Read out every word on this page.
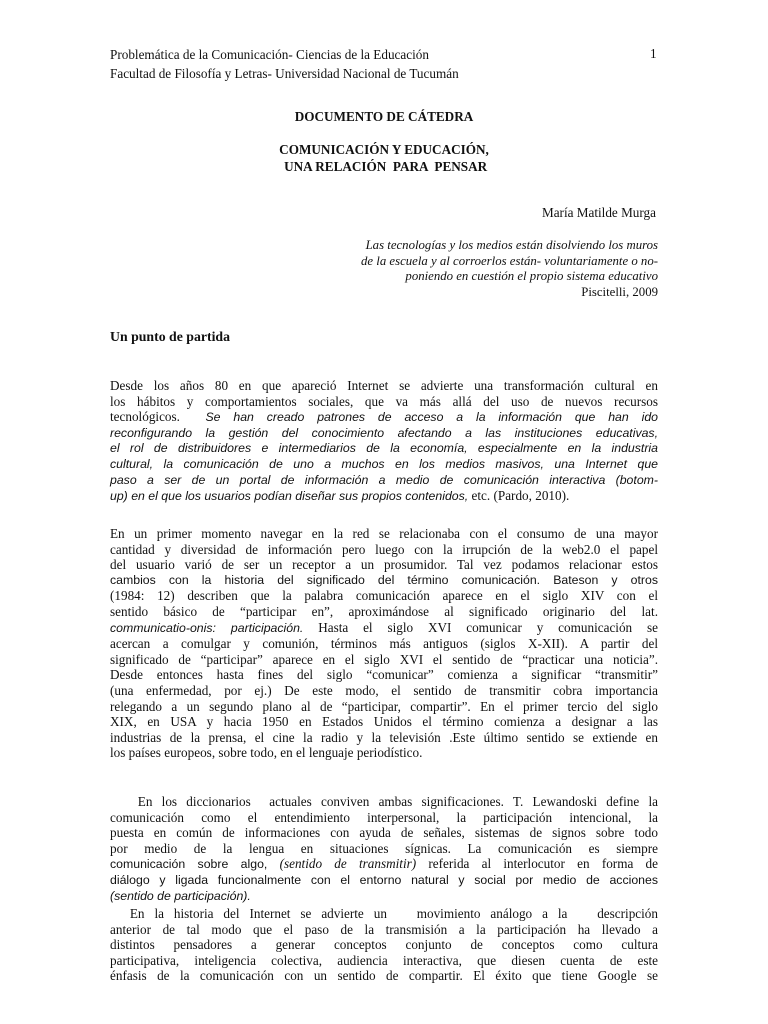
Problemática de la Comunicación- Ciencias de la Educación
Facultad de Filosofía y Letras- Universidad Nacional de Tucumán
1
DOCUMENTO DE CÁTEDRA
COMUNICACIÓN Y EDUCACIÓN,
UNA RELACIÓN  PARA  PENSAR
María Matilde Murga
Las tecnologías y los medios están disolviendo los muros
de la escuela y al corroerlos están- voluntariamente o no-
poniendo en cuestión el propio sistema educativo
Piscitelli, 2009
Un punto de partida
Desde los años 80 en que apareció Internet se advierte una transformación cultural en
los hábitos y comportamientos sociales, que va más allá del uso de nuevos recursos
tecnológicos. Se han creado patrones de acceso a la información que han ido
reconfigurando la gestión del conocimiento afectando a las instituciones educativas,
el rol de distribuidores e intermediarios de la economía, especialmente en la industria
cultural, la comunicación de uno a muchos en los medios masivos, una Internet que
paso a ser de un portal de información a medio de comunicación interactiva (botom-
up) en el que los usuarios podían diseñar sus propios contenidos, etc. (Pardo, 2010).
En un primer momento navegar en la red se relacionaba con el consumo de una mayor
cantidad y diversidad de información pero luego con la irrupción de la web2.0 el papel
del usuario varió de ser un receptor a un prosumidor. Tal vez podamos relacionar estos
cambios con la historia del significado del término comunicación. Bateson y otros
(1984: 12) describen que la palabra comunicación aparece en el siglo XIV con el
sentido básico de “participar en”, aproximándose al significado originario del lat.
communicatio-onis: participación. Hasta el siglo XVI comunicar y comunicación se
acercan a comulgar y comunión, términos más antiguos (siglos X-XII). A partir del
significado de “participar” aparece en el siglo XVI el sentido de “practicar una noticia”.
Desde entonces hasta fines del siglo “comunicar” comienza a significar “transmitir”
(una enfermedad, por ej.) De este modo, el sentido de transmitir cobra importancia
relegando a un segundo plano al de “participar, compartir”. En el primer tercio del siglo
XIX, en USA y hacia 1950 en Estados Unidos el término comienza a designar a las
industrias de la prensa, el cine la radio y la televisión .Este último sentido se extiende en
los países europeos, sobre todo, en el lenguaje periodístico.
En los diccionarios  actuales conviven ambas significaciones. T. Lewandoski define la
comunicación como el entendimiento interpersonal, la participación intencional, la
puesta en común de informaciones con ayuda de señales, sistemas de signos sobre todo
por medio de la lengua en situaciones sígnicas. La comunicación es siempre
comunicación sobre algo, (sentido de transmitir) referida al interlocutor en forma de
diálogo y ligada funcionalmente con el entorno natural y social por medio de acciones
(sentido de participación).
En la historia del Internet se advierte un   movimiento análogo a la   descripción
anterior de tal modo que el paso de la transmisión a la participación ha llevado a
distintos pensadores a generar conceptos conjunto de conceptos como cultura
participativa, inteligencia colectiva, audiencia interactiva, que diesen cuenta de este
énfasis de la comunicación con un sentido de compartir. El éxito que tiene Google se
